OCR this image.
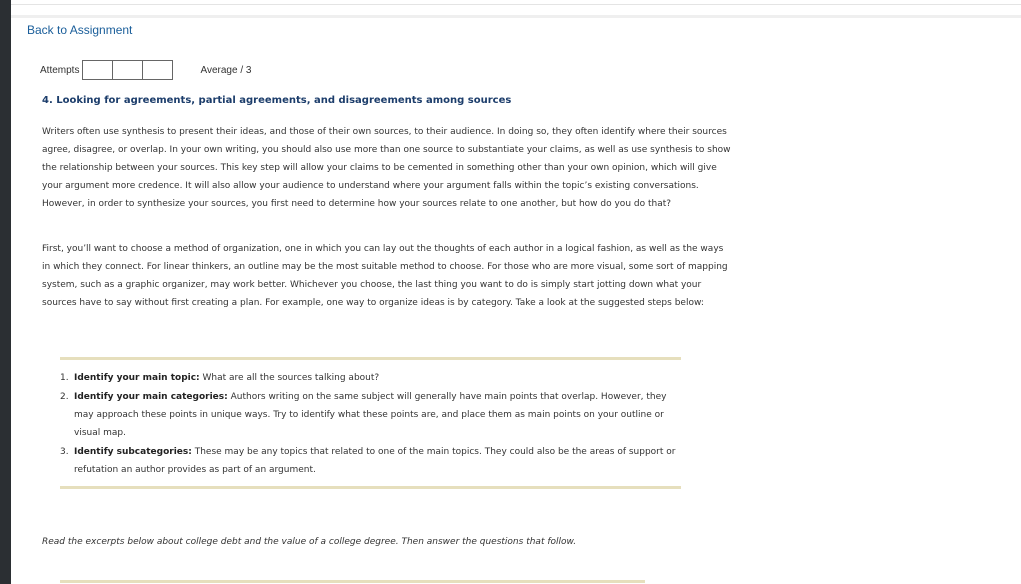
Back to Assignment
Attempts	Average / 3
4. Looking for agreements, partial agreements, and disagreements among sources

Writers often use synthesis to present their ideas, and those of their own sources, to their audience. In doing so, they often identify where their sources agree, disagree, or overlap. In your own writing, you should also use more than one source to substantiate your claims, as well as use synthesis to show the relationship between your sources. This key step will allow your claims to be cemented in something other than your own opinion, which will give your argument more credence. It will also allow your audience to understand where your argument falls within the topic’s existing conversations. However, in order to synthesize your sources, you first need to determine how your sources relate to one another, but how do you do that?

First, you’ll want to choose a method of organization, one in which you can lay out the thoughts of each author in a logical fashion, as well as the ways in which they connect. For linear thinkers, an outline may be the most suitable method to choose. For those who are more visual, some sort of mapping system, such as a graphic organizer, may work better. Whichever you choose, the last thing you want to do is simply start jotting down what your sources have to say without first creating a plan. For example, one way to organize ideas is by category. Take a look at the suggested steps below:

1. Identify your main topic: What are all the sources talking about?
2. Identify your main categories: Authors writing on the same subject will generally have main points that overlap. However, they may approach these points in unique ways. Try to identify what these points are, and place them as main points on your outline or visual map.
3. Identify subcategories: These may be any topics that related to one of the main topics. They could also be the areas of support or refutation an author provides as part of an argument.
Read the excerpts below about college debt and the value of a college degree. Then answer the questions that follow.
